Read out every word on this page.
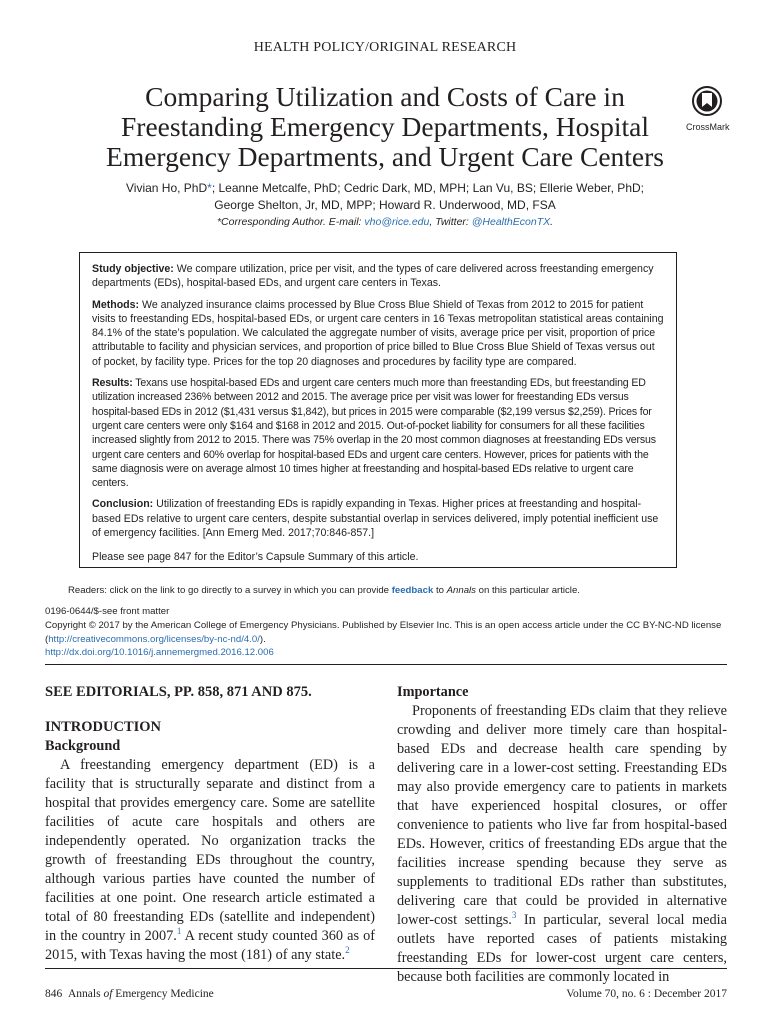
HEALTH POLICY/ORIGINAL RESEARCH
Comparing Utilization and Costs of Care in
Freestanding Emergency Departments, Hospital
Emergency Departments, and Urgent Care Centers
CrossMark
Vivian Ho, PhD*; Leanne Metcalfe, PhD; Cedric Dark, MD, MPH; Lan Vu, BS; Ellerie Weber, PhD;
George Shelton, Jr, MD, MPP; Howard R. Underwood, MD, FSA
*Corresponding Author. E-mail: vho@rice.edu, Twitter: @HealthEconTX.

Study objective: We compare utilization, price per visit, and the types of care delivered across freestanding emergency departments (EDs), hospital-based EDs, and urgent care centers in Texas.

Methods: We analyzed insurance claims processed by Blue Cross Blue Shield of Texas from 2012 to 2015 for patient visits to freestanding EDs, hospital-based EDs, or urgent care centers in 16 Texas metropolitan statistical areas containing 84.1% of the state’s population. We calculated the aggregate number of visits, average price per visit, proportion of price attributable to facility and physician services, and proportion of price billed to Blue Cross Blue Shield of Texas versus out of pocket, by facility type. Prices for the top 20 diagnoses and procedures by facility type are compared.

Results: Texans use hospital-based EDs and urgent care centers much more than freestanding EDs, but freestanding ED utilization increased 236% between 2012 and 2015. The average price per visit was lower for freestanding EDs versus hospital-based EDs in 2012 ($1,431 versus $1,842), but prices in 2015 were comparable ($2,199 versus $2,259). Prices for urgent care centers were only $164 and $168 in 2012 and 2015. Out-of-pocket liability for consumers for all these facilities increased slightly from 2012 to 2015. There was 75% overlap in the 20 most common diagnoses at freestanding EDs versus urgent care centers and 60% overlap for hospital-based EDs and urgent care centers. However, prices for patients with the same diagnosis were on average almost 10 times higher at freestanding and hospital-based EDs relative to urgent care centers.

Conclusion: Utilization of freestanding EDs is rapidly expanding in Texas. Higher prices at freestanding and hospital-based EDs relative to urgent care centers, despite substantial overlap in services delivered, imply potential inefficient use of emergency facilities. [Ann Emerg Med. 2017;70:846-857.]

Please see page 847 for the Editor’s Capsule Summary of this article.

Readers: click on the link to go directly to a survey in which you can provide feedback to Annals on this particular article.
0196-0644/$-see front matter
Copyright © 2017 by the American College of Emergency Physicians. Published by Elsevier Inc. This is an open access article under the CC BY-NC-ND license
(http://creativecommons.org/licenses/by-nc-nd/4.0/).
http://dx.doi.org/10.1016/j.annemergmed.2016.12.006
SEE EDITORIALS, PP. 858, 871 AND 875.
INTRODUCTION
Background

A freestanding emergency department (ED) is a facility that is structurally separate and distinct from a hospital that provides emergency care. Some are satellite facilities of acute care hospitals and others are independently operated. No organization tracks the growth of freestanding EDs throughout the country, although various parties have counted the number of facilities at one point. One research article estimated a total of 80 freestanding EDs (satellite and independent) in the country in 2007.$^1$ A recent study counted 360 as of 2015, with Texas having the most (181) of any state.$^2$

Importance

Proponents of freestanding EDs claim that they relieve crowding and deliver more timely care than hospital-based EDs and decrease health care spending by delivering care in a lower-cost setting. Freestanding EDs may also provide emergency care to patients in markets that have experienced hospital closures, or offer convenience to patients who live far from hospital-based EDs. However, critics of freestanding EDs argue that the facilities increase spending because they serve as supplements to traditional EDs rather than substitutes, delivering care that could be provided in alternative lower-cost settings.$^3$ In particular, several local media outlets have reported cases of patients mistaking freestanding EDs for lower-cost urgent care centers, because both facilities are commonly located in

846 Annals of Emergency Medicine	Volume 70, no. 6 : December 2017
